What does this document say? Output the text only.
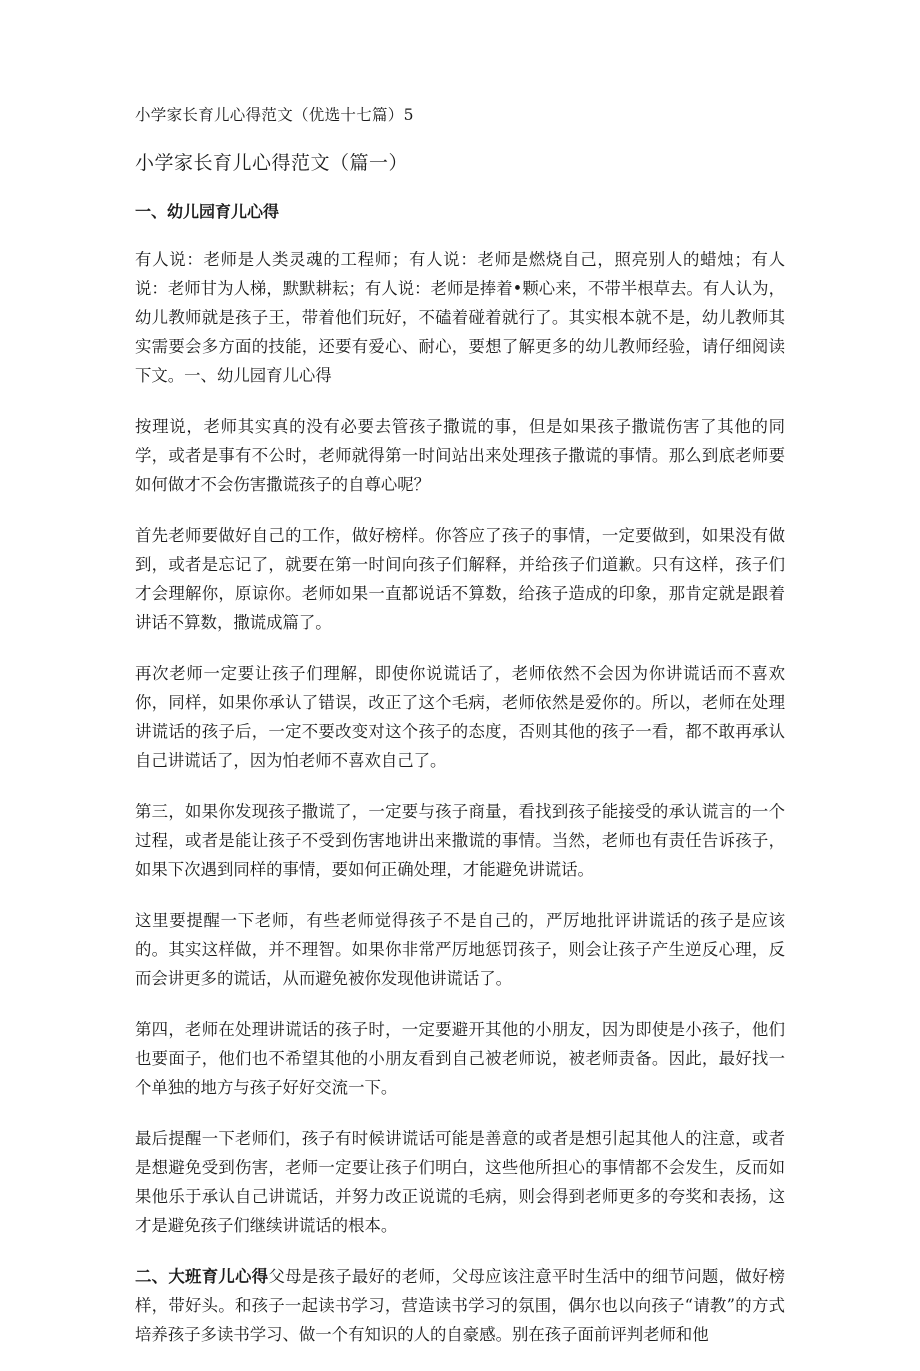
小学家长育儿心得范文（优选十七篇）5
小学家长育儿心得范文（篇一）
一、幼儿园育儿心得

有人说：老师是人类灵魂的工程师；有人说：老师是燃烧自己，照亮别人的蜡烛；有人说：老师甘为人梯，默默耕耘；有人说：老师是捧着•颗心来，不带半根草去。有人认为，幼儿教师就是孩子王，带着他们玩好，不磕着碰着就行了。其实根本就不是，幼儿教师其实需要会多方面的技能，还要有爱心、耐心，要想了解更多的幼儿教师经验，请仔细阅读下文。一、幼儿园育儿心得

按理说，老师其实真的没有必要去管孩子撒谎的事，但是如果孩子撒谎伤害了其他的同学，或者是事有不公时，老师就得第一时间站出来处理孩子撒谎的事情。那么到底老师要如何做才不会伤害撒谎孩子的自尊心呢？

首先老师要做好自己的工作，做好榜样。你答应了孩子的事情，一定要做到，如果没有做到，或者是忘记了，就要在第一时间向孩子们解释，并给孩子们道歉。只有这样，孩子们才会理解你，原谅你。老师如果一直都说话不算数，给孩子造成的印象，那肯定就是跟着讲话不算数，撒谎成篇了。

再次老师一定要让孩子们理解，即使你说谎话了，老师依然不会因为你讲谎话而不喜欢你，同样，如果你承认了错误，改正了这个毛病，老师依然是爱你的。所以，老师在处理讲谎话的孩子后，一定不要改变对这个孩子的态度，否则其他的孩子一看，都不敢再承认自己讲谎话了，因为怕老师不喜欢自己了。

第三，如果你发现孩子撒谎了，一定要与孩子商量，看找到孩子能接受的承认谎言的一个过程，或者是能让孩子不受到伤害地讲出来撒谎的事情。当然，老师也有责任告诉孩子，如果下次遇到同样的事情，要如何正确处理，才能避免讲谎话。

这里要提醒一下老师，有些老师觉得孩子不是自己的，严厉地批评讲谎话的孩子是应该的。其实这样做，并不理智。如果你非常严厉地惩罚孩子，则会让孩子产生逆反心理，反而会讲更多的谎话，从而避免被你发现他讲谎话了。

第四，老师在处理讲谎话的孩子时，一定要避开其他的小朋友，因为即使是小孩子，他们也要面子，他们也不希望其他的小朋友看到自己被老师说，被老师责备。因此，最好找一个单独的地方与孩子好好交流一下。

最后提醒一下老师们，孩子有时候讲谎话可能是善意的或者是想引起其他人的注意，或者是想避免受到伤害，老师一定要让孩子们明白，这些他所担心的事情都不会发生，反而如果他乐于承认自己讲谎话，并努力改正说谎的毛病，则会得到老师更多的夸奖和表扬，这才是避免孩子们继续讲谎话的根本。

二、大班育儿心得父母是孩子最好的老师，父母应该注意平时生活中的细节问题，做好榜样，带好头。和孩子一起读书学习，营造读书学习的氛围，偶尔也以向孩子“请教”的方式培养孩子多读书学习、做一个有知识的人的自豪感。别在孩子面前评判老师和他
